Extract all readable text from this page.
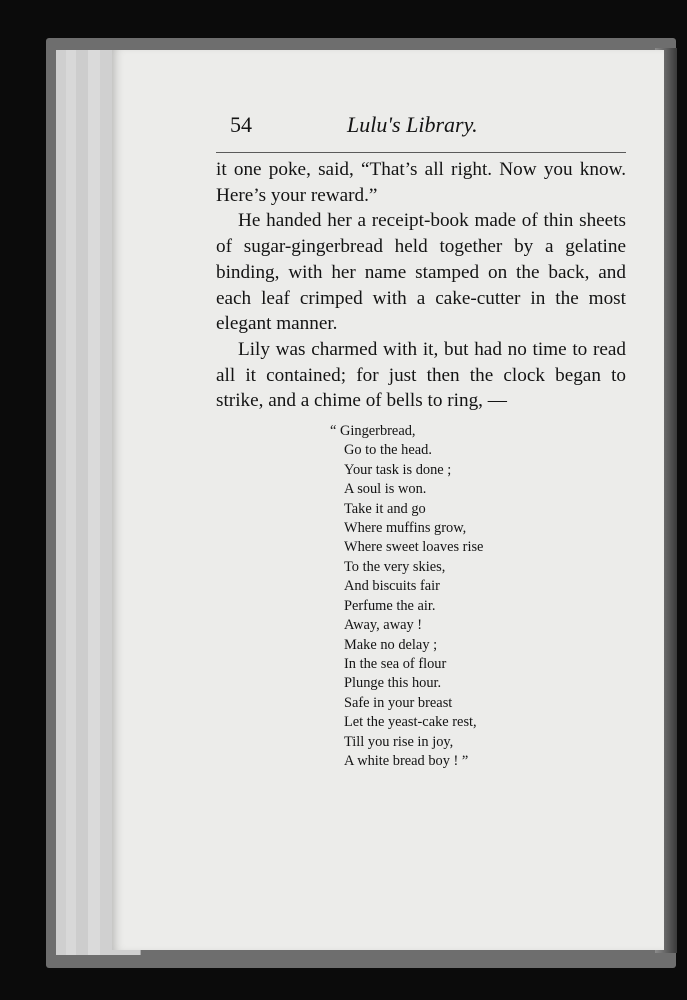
54	Lulu's Library.

it one poke, said, “That’s all right. Now you know. Here’s your reward.”

He handed her a receipt-book made of thin sheets of sugar-gingerbread held together by a gelatine binding, with her name stamped on the back, and each leaf crimped with a cake-cutter in the most elegant manner.

Lily was charmed with it, but had no time to read all it contained; for just then the clock began to strike, and a chime of bells to ring, —

“ Gingerbread,
Go to the head.
Your task is done ;
A soul is won.
Take it and go
Where muffins grow,
Where sweet loaves rise
To the very skies,
And biscuits fair
Perfume the air.
Away, away !
Make no delay ;
In the sea of flour
Plunge this hour.
Safe in your breast
Let the yeast-cake rest,
Till you rise in joy,
A white bread boy ! ”
